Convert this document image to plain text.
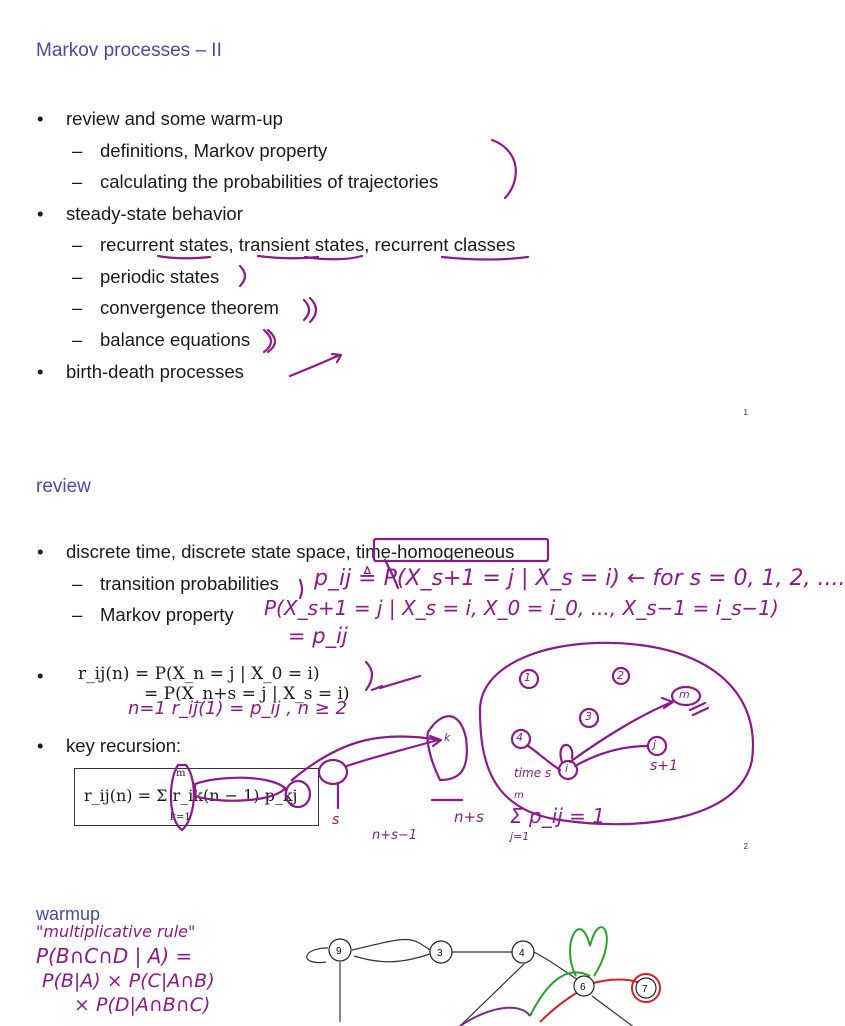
Markov processes – II
• review and some warm-up
– definitions, Markov property
– calculating the probabilities of trajectories
• steady-state behavior
– recurrent states, transient states, recurrent classes
– periodic states
– convergence theorem
– balance equations
• birth-death processes
1
review
• discrete time, discrete state space, time-homogeneous
– transition probabilities
– Markov property
•	r_ij(n) = P(X_n = j | X_0 = i)
= P(X_n+s = j | X_s = i)
• key recursion:
r_ij(n) = Σ r_ik(n − 1) p_kj
m
k=1
p_ij ≜ P(X_s+1 = j | X_s = i) ← for s = 0, 1, 2, ....
P(X_s+1 = j | X_s = i, X_0 = i_0, ..., X_s−1 = i_s−1)
= p_ij
n=1 r_ij(1) = p_ij , n ≥ 2
time s	s+1
s
n+s−1
n+s Σ p_ij = 1
m
j=1
1	2
3
4
m
i
j
k
2
warmup
"multiplicative rule"
P(B∩C∩D | A) =
P(B|A) × P(C|A∩B)
× P(D|A∩B∩C)
9	3	4
6	7
